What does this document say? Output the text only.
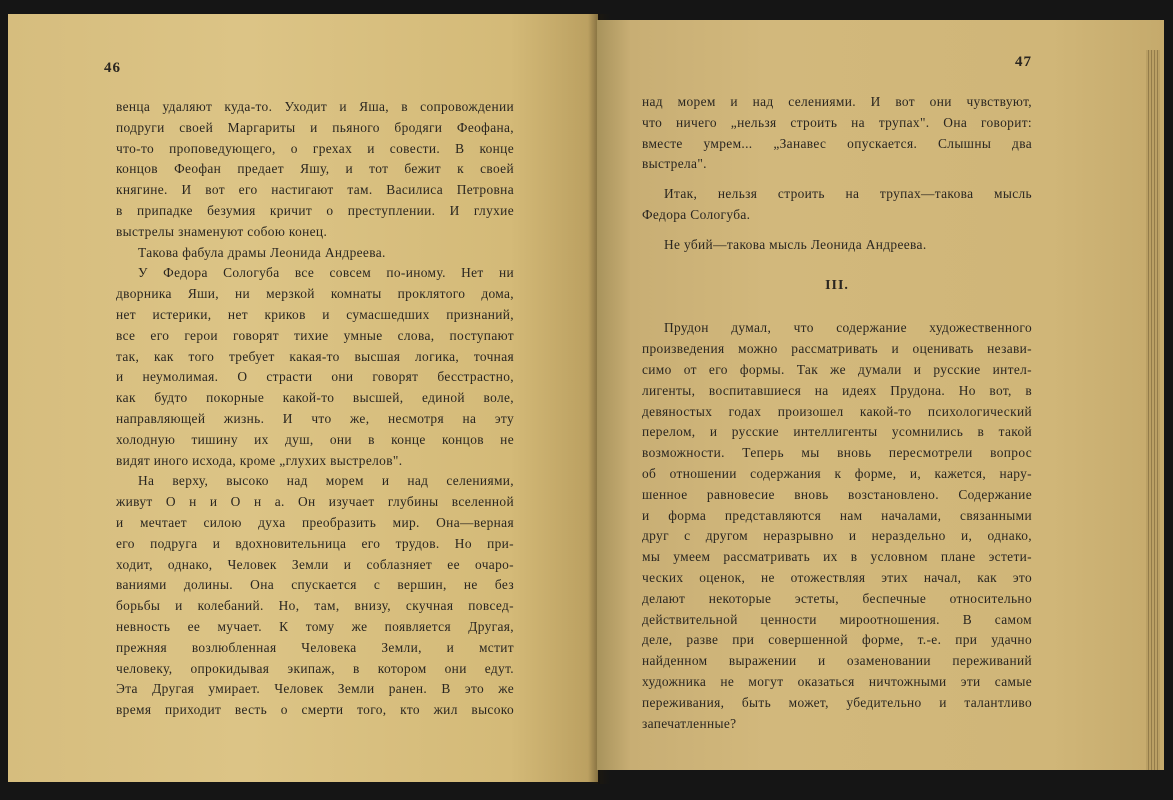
46
венца удаляют куда-то. Уходит и Яша, в сопровождении
подруги своей Маргариты и пьяного бродяги Феофана,
что-то проповедующего, о грехах и совести. В конце
концов Феофан предает Яшу, и тот бежит к своей
княгине. И вот его настигают там. Василиса Петровна
в припадке безумия кричит о преступлении. И глухие
выстрелы знаменуют собою конец.
Такова фабула драмы Леонида Андреева.
У Федора Сологуба все совсем по-иному. Нет ни
дворника Яши, ни мерзкой комнаты проклятого дома,
нет истерики, нет криков и сумасшедших признаний,
все его герои говорят тихие умные слова, поступают
так, как того требует какая-то высшая логика, точная
и неумолимая. О страсти они говорят бесстрастно,
как будто покорные какой-то высшей, единой воле,
направляющей жизнь. И что же, несмотря на эту
холодную тишину их душ, они в конце концов не
видят иного исхода, кроме „глухих выстрелов".
На верху, высоко над морем и над селениями,
живут О н и О н а. Он изучает глубины вселенной
и мечтает силою духа преобразить мир. Она—верная
его подруга и вдохновительница его трудов. Но при-
ходит, однако, Человек Земли и соблазняет ее очаро-
ваниями долины. Она спускается с вершин, не без
борьбы и колебаний. Но, там, внизу, скучная повсед-
невность ее мучает. К тому же появляется Другая,
прежняя возлюбленная Человека Земли, и мстит
человеку, опрокидывая экипаж, в котором они едут.
Эта Другая умирает. Человек Земли ранен. В это же
время приходит весть о смерти того, кто жил высоко
47
над морем и над селениями. И вот они чувствуют,
что ничего „нельзя строить на трупах". Она говорит:
вместе умрем... „Занавес опускается. Слышны два
выстрела".
Итак, нельзя строить на трупах—такова мысль
Федора Сологуба.
Не убий—такова мысль Леонида Андреева.
III.
Прудон думал, что содержание художественного
произведения можно рассматривать и оценивать незави-
симо от его формы. Так же думали и русские интел-
лигенты, воспитавшиеся на идеях Прудона. Но вот, в
девяностых годах произошел какой-то психологический
перелом, и русские интеллигенты усомнились в такой
возможности. Теперь мы вновь пересмотрели вопрос
об отношении содержания к форме, и, кажется, нару-
шенное равновесие вновь возстановлено. Содержание
и форма представляются нам началами, связанными
друг с другом неразрывно и нераздельно и, однако,
мы умеем рассматривать их в условном плане эстети-
ческих оценок, не отожествляя этих начал, как это
делают некоторые эстеты, беспечные относительно
действительной ценности мироотношения. В самом
деле, разве при совершенной форме, т.-е. при удачно
найденном выражении и озаменовании переживаний
художника не могут оказаться ничтожными эти самые
переживания, быть может, убедительно и талантливо
запечатленные?
